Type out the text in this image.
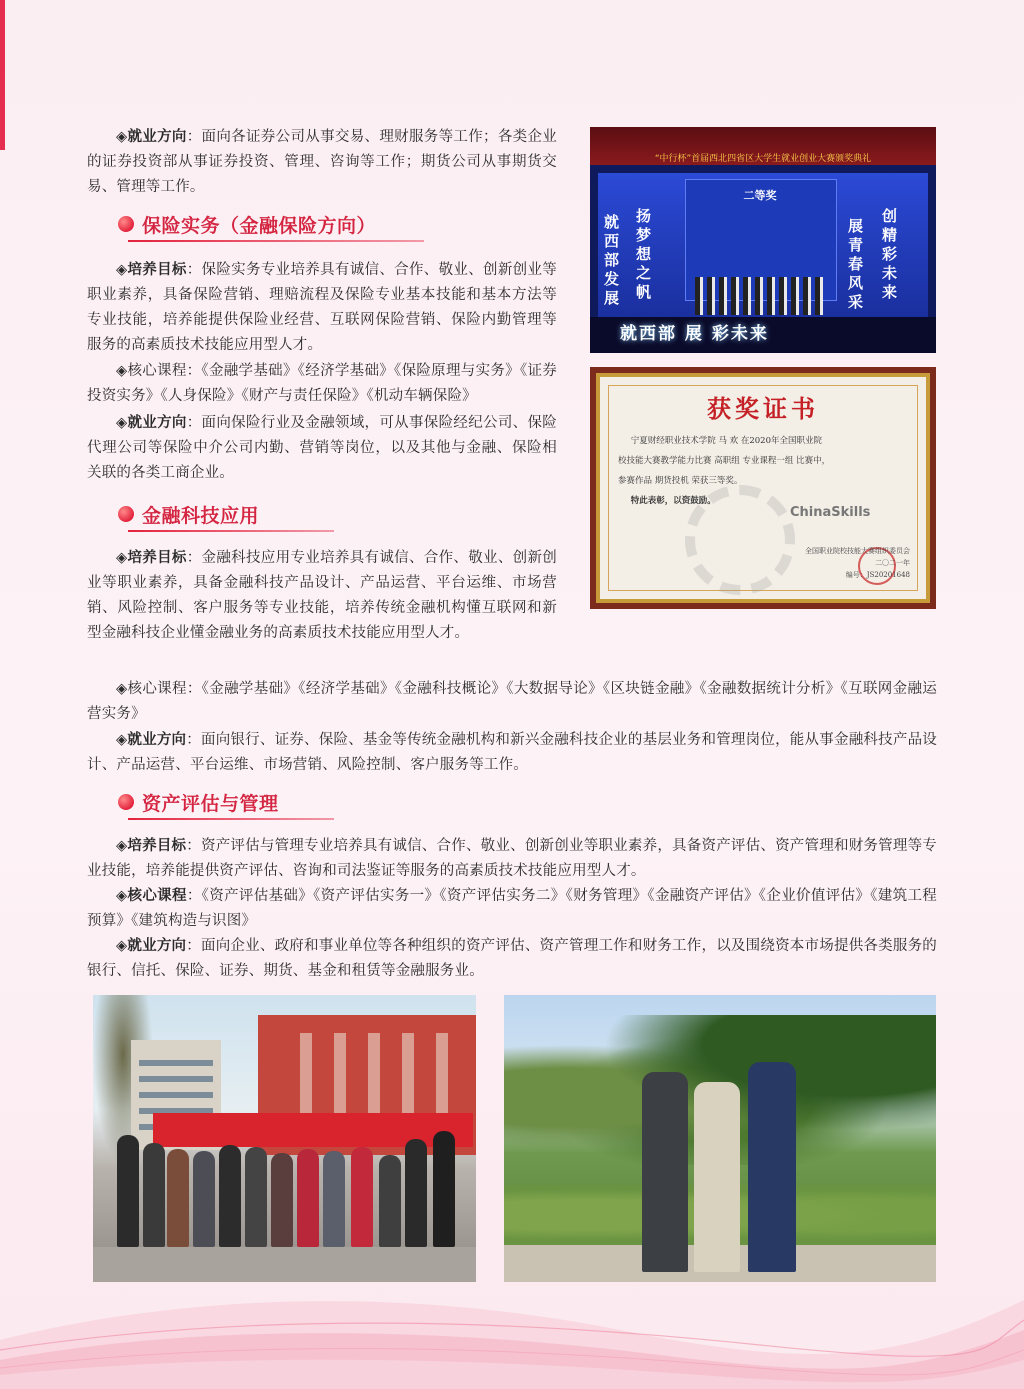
◈就业方向：面向各证券公司从事交易、理财服务等工作；各类企业的证券投资部从事证券投资、管理、咨询等工作；期货公司从事期货交易、管理等工作。

保险实务（金融保险方向）

◈培养目标：保险实务专业培养具有诚信、合作、敬业、创新创业等职业素养，具备保险营销、理赔流程及保险专业基本技能和基本方法等专业技能，培养能提供保险业经营、互联网保险营销、保险内勤管理等服务的高素质技术技能应用型人才。

◈核心课程：《金融学基础》《经济学基础》《保险原理与实务》《证券投资实务》《人身保险》《财产与责任保险》《机动车辆保险》

◈就业方向：面向保险行业及金融领域，可从事保险经纪公司、保险代理公司等保险中介公司内勤、营销等岗位，以及其他与金融、保险相关联的各类工商企业。

金融科技应用

◈培养目标：金融科技应用专业培养具有诚信、合作、敬业、创新创业等职业素养，具备金融科技产品设计、产品运营、平台运维、市场营销、风险控制、客户服务等专业技能，培养传统金融机构懂互联网和新型金融科技企业懂金融业务的高素质技术技能应用型人才。

◈核心课程：《金融学基础》《经济学基础》《金融科技概论》《大数据导论》《区块链金融》《金融数据统计分析》《互联网金融运营实务》

◈就业方向：面向银行、证券、保险、基金等传统金融机构和新兴金融科技企业的基层业务和管理岗位，能从事金融科技产品设计、产品运营、平台运维、市场营销、风险控制、客户服务等工作。

资产评估与管理

◈培养目标：资产评估与管理专业培养具有诚信、合作、敬业、创新创业等职业素养，具备资产评估、资产管理和财务管理等专业技能，培养能提供资产评估、咨询和司法鉴证等服务的高素质技术技能应用型人才。

◈核心课程：《资产评估基础》《资产评估实务一》《资产评估实务二》《财务管理》《金融资产评估》《企业价值评估》《建筑工程预算》《建筑构造与识图》

◈就业方向：面向企业、政府和事业单位等各种组织的资产评估、资产管理工作和财务工作，以及围绕资本市场提供各类服务的银行、信托、保险、证券、期货、基金和租赁等金融服务业。

“中行杯”首届西北四省区大学生就业创业大赛颁奖典礼
就西部发展
扬梦想之帆
二等奖
展青春风采
创精彩未来
就西部 展 彩未来
获奖证书
宁夏财经职业技术学院 马 欢 在2020年全国职业院
校技能大赛教学能力比赛 高职组 专业课程一组 比赛中，
参赛作品 期货投机 荣获三等奖。
特此表彰，以资鼓励。
ChinaSkills
全国职业院校技能大赛组织委员会
二〇二一年
编号：JS20201648
